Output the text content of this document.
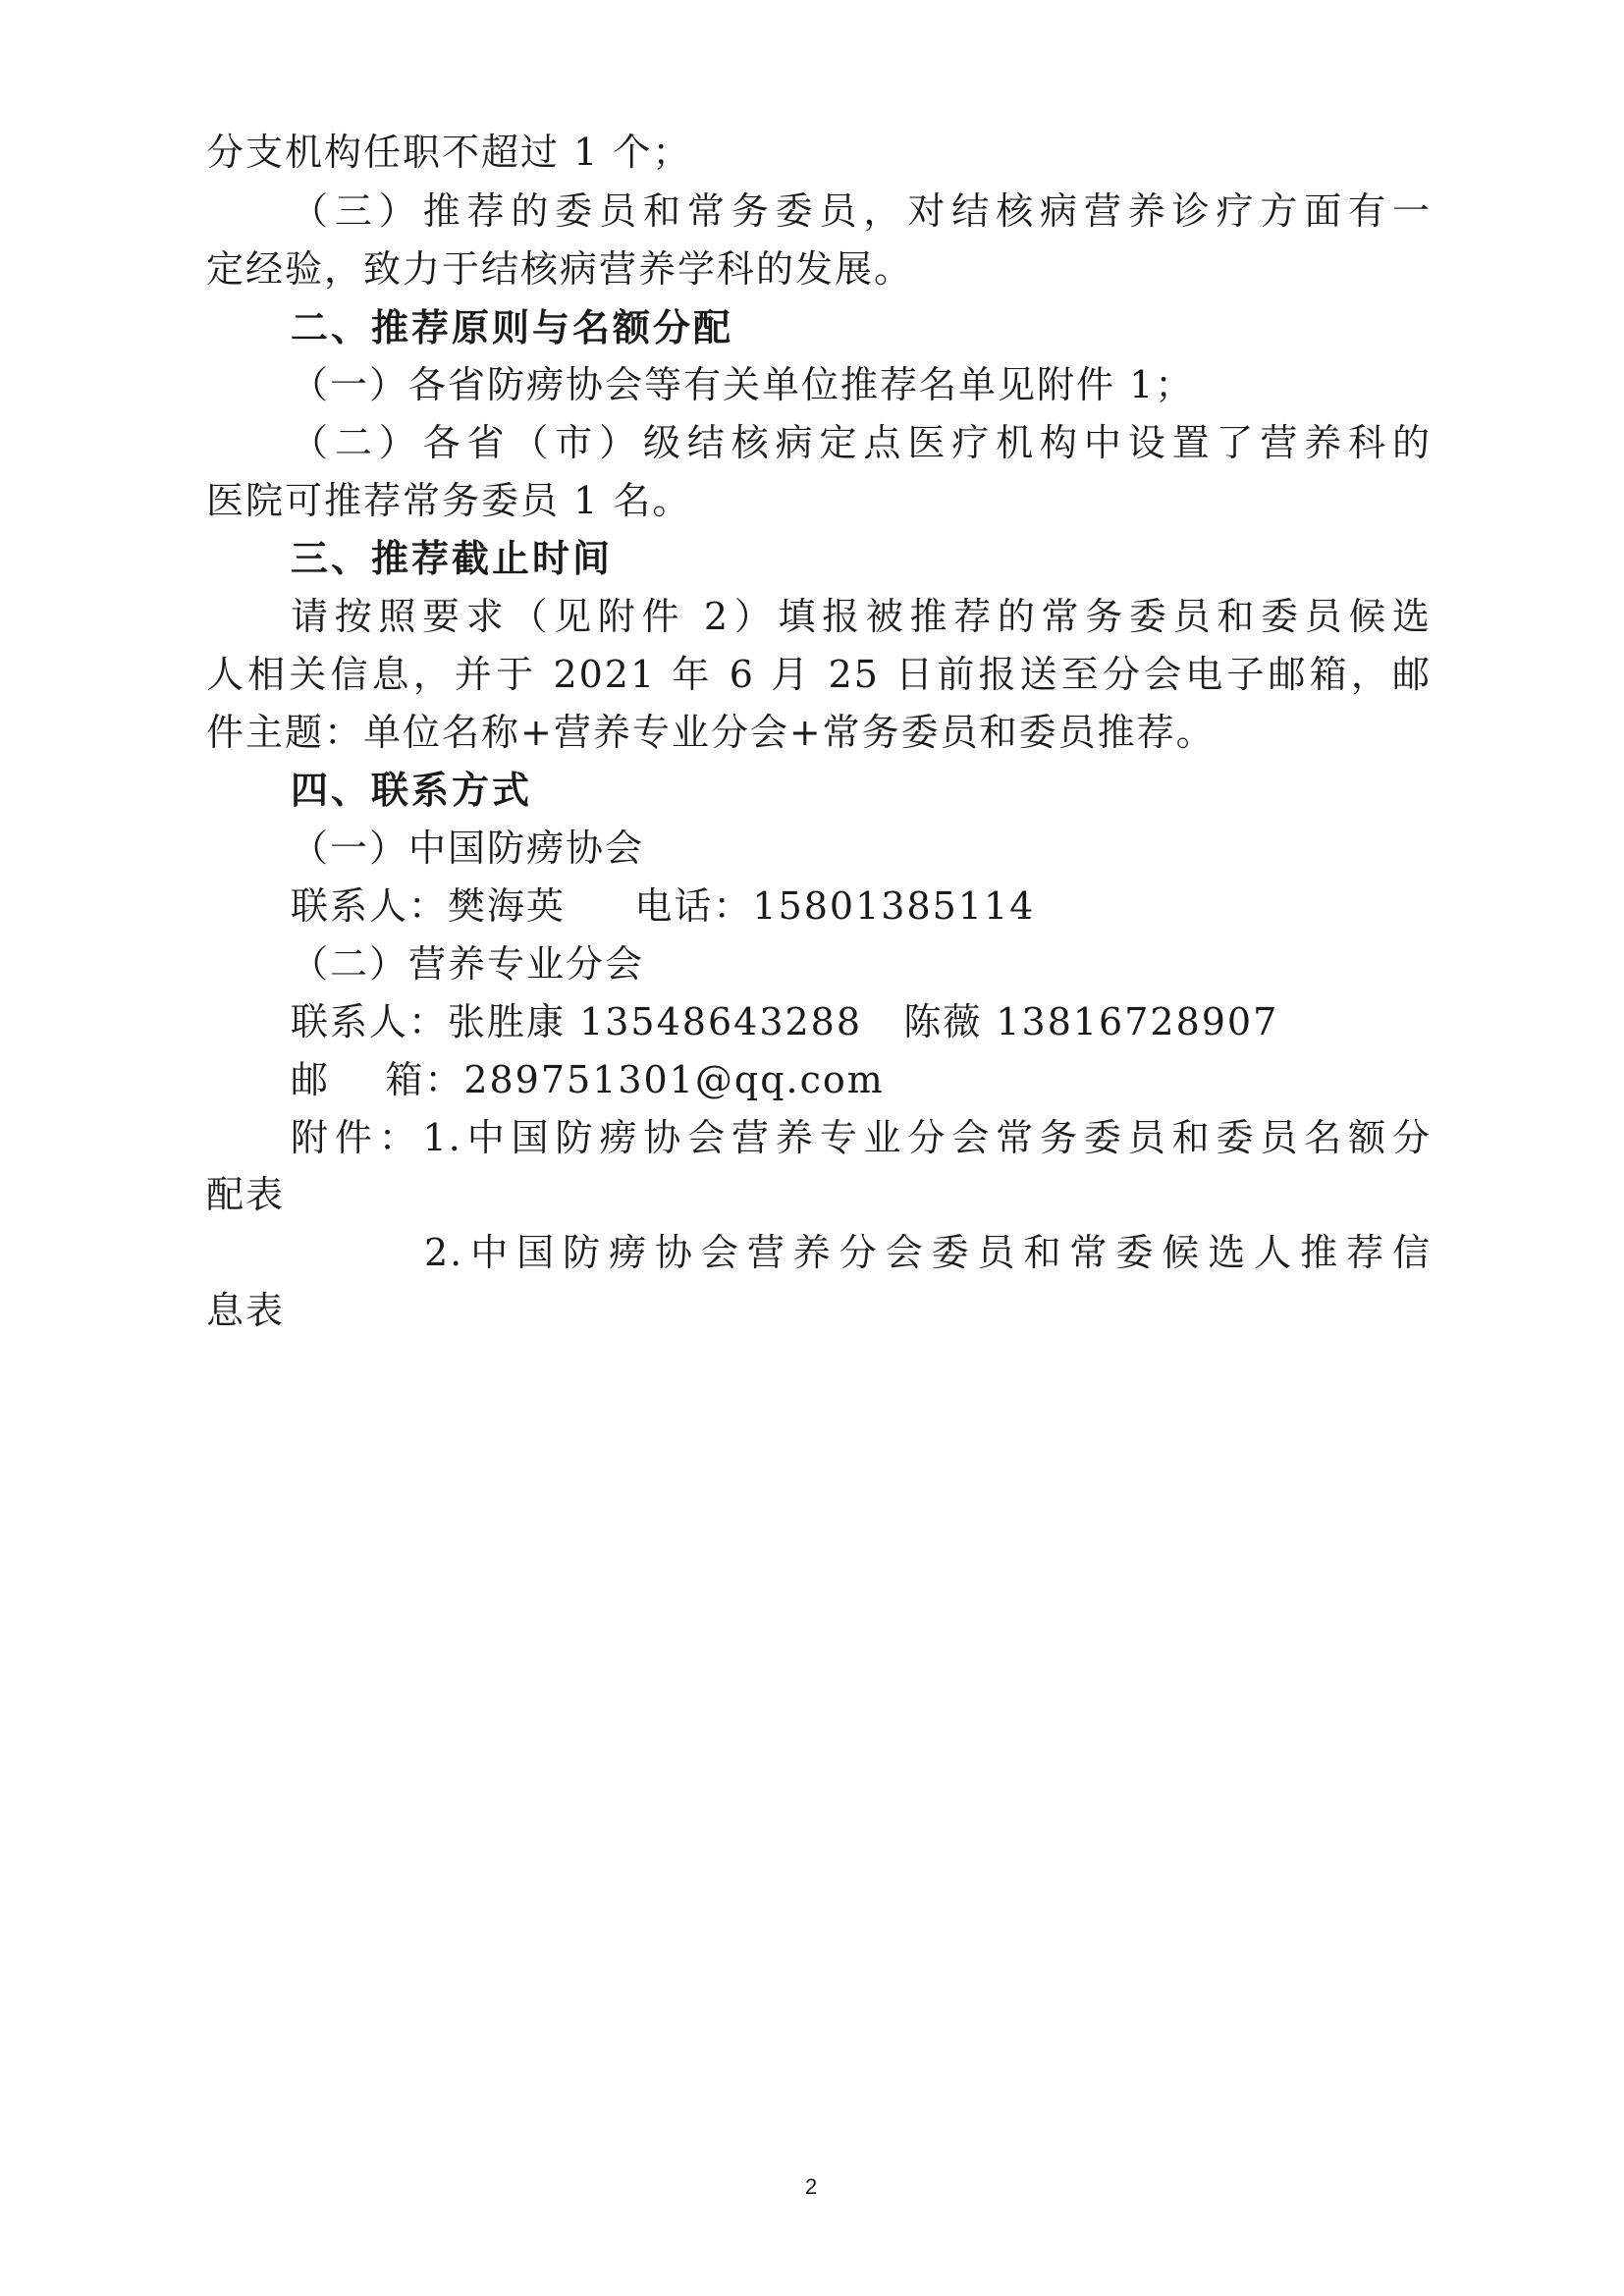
分支机构任职不超过 1 个；
（三）推荐的委员和常务委员，对结核病营养诊疗方面有一
定经验，致力于结核病营养学科的发展。
二、推荐原则与名额分配
（一）各省防痨协会等有关单位推荐名单见附件 1；
（二）各省（市）级结核病定点医疗机构中设置了营养科的
医院可推荐常务委员 1 名。
三、推荐截止时间
请按照要求（见附件 2）填报被推荐的常务委员和委员候选
人相关信息，并于 2021 年 6 月 25 日前报送至分会电子邮箱，邮
件主题：单位名称+营养专业分会+常务委员和委员推荐。
四、联系方式
（一）中国防痨协会
联系人：樊海英     电话：15801385114
（二）营养专业分会
联系人：张胜康 13548643288   陈薇 13816728907
邮    箱：289751301@qq.com
附件：1.中国防痨协会营养专业分会常务委员和委员名额分
配表
2.中国防痨协会营养分会委员和常委候选人推荐信
息表
2
